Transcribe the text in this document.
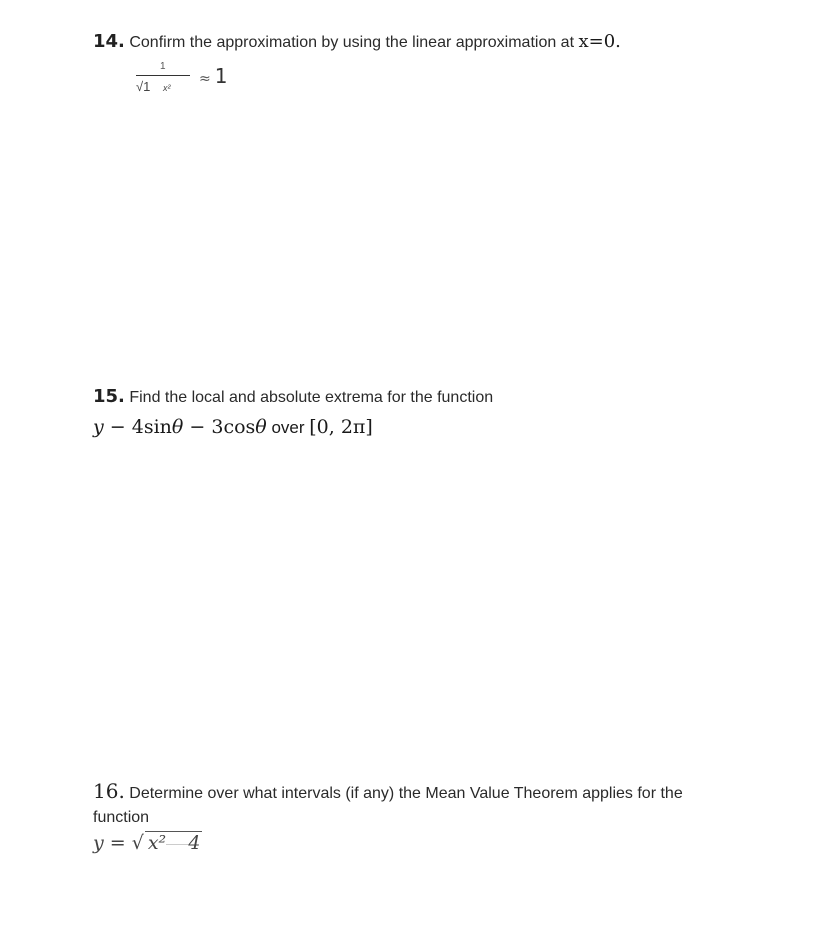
14. Confirm the approximation by using the linear approximation at x=0.
1
√1 x²
≈ 1
15. Find the local and absolute extrema for the function
y − 4sinθ − 3cosθ over [0, 2π]
16. Determine over what intervals (if any) the Mean Value Theorem applies for the
function
y = √ x² 4
